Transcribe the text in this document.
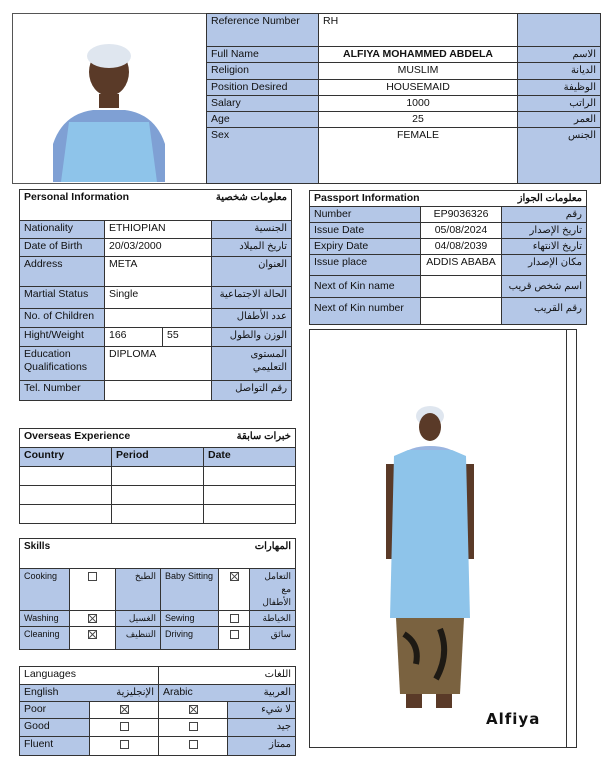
Reference Number	RH	
Full Name	ALFIYA MOHAMMED ABDELA	الاسم
Religion	MUSLIM	الديانة
Position Desired	HOUSEMAID	الوظيفة
Salary	1000	الراتب
Age	25	العمر
Sex	FEMALE	الجنس
Personal Information		معلومات شخصية	
Nationality	ETHIOPIAN		الجنسية
Date of Birth	20/03/2000		تاريخ الميلاد
Address	META		العنوان
Martial Status	Single		الحالة الاجتماعية
No. of Children			عدد الأطفال
Hight/Weight	166	55	الوزن والطول
Education Qualifications	DIPLOMA		المستوى التعليمي
Tel. Number			رقم التواصل
Passport Information		معلومات الجواز
Number	EP9036326	رقم
Issue Date	05/08/2024	تاريخ الإصدار
Expiry Date	04/08/2039	تاريخ الانتهاء
Issue place	ADDIS ABABA	مكان الإصدار
Next of Kin name		اسم شخص قريب
Next of Kin number		رقم القريب
Alfiya
Overseas Experience		خبرات سابقة
Country	Period	Date

Skills			المهارات		
Cooking		الطبخ	Baby Sitting		التعامل مع الأطفال
Washing		الغسيل	Sewing		الخياطة
Cleaning		التنظيف	Driving		سائق
Languages		اللغات	
English	الإنجليزية	Arabic	العربية
Poor			لا شيء
Good			جيد
Fluent			ممتاز
